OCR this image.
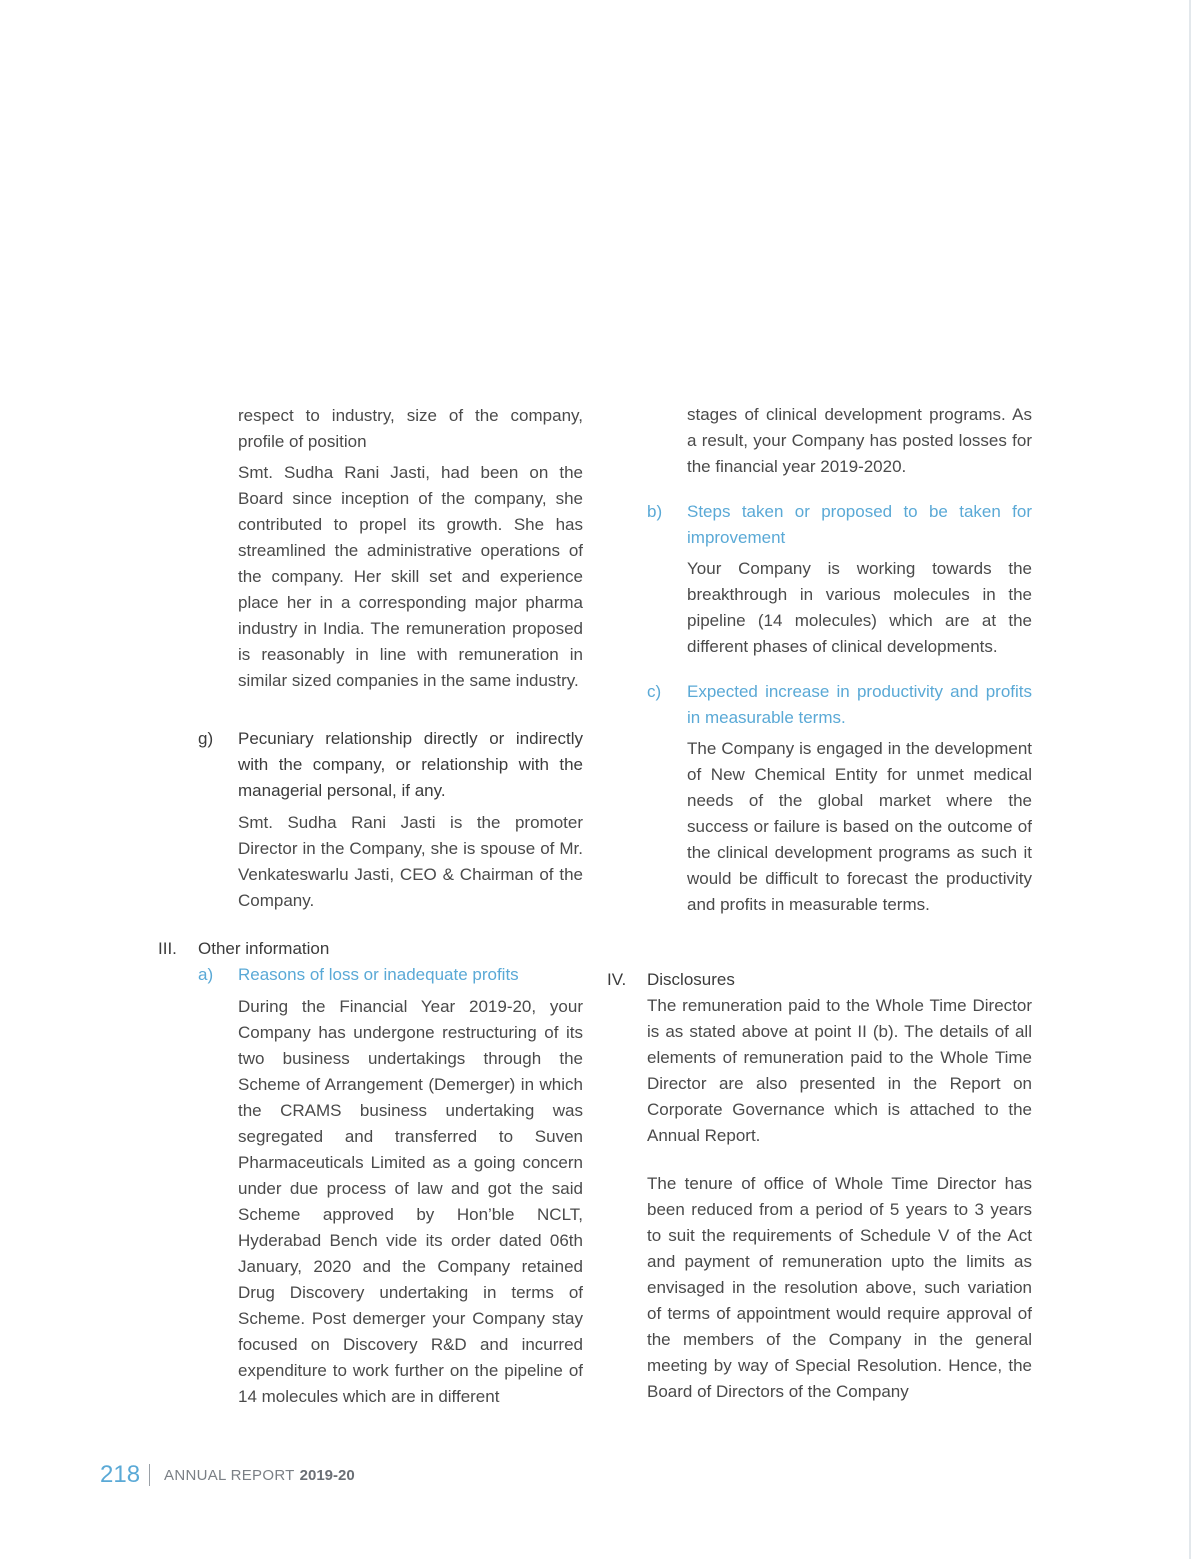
respect to industry, size of the company, profile of position

Smt. Sudha Rani Jasti, had been on the Board since inception of the company, she contributed to propel its growth. She has streamlined the administrative operations of the company. Her skill set and experience place her in a corresponding major pharma industry in India. The remuneration proposed is reasonably in line with remuneration in similar sized companies in the same industry.

g) Pecuniary relationship directly or indirectly with the company, or relationship with the managerial personal, if any.

Smt. Sudha Rani Jasti is the promoter Director in the Company, she is spouse of Mr. Venkateswarlu Jasti, CEO & Chairman of the Company.

III. Other information

a) Reasons of loss or inadequate profits

During the Financial Year 2019-20, your Company has undergone restructuring of its two business undertakings through the Scheme of Arrangement (Demerger) in which the CRAMS business undertaking was segregated and transferred to Suven Pharmaceuticals Limited as a going concern under due process of law and got the said Scheme approved by Hon’ble NCLT, Hyderabad Bench vide its order dated 06th January, 2020 and the Company retained Drug Discovery undertaking in terms of Scheme. Post demerger your Company stay focused on Discovery R&D and incurred expenditure to work further on the pipeline of 14 molecules which are in different

stages of clinical development programs. As a result, your Company has posted losses for the financial year 2019-2020.

b) Steps taken or proposed to be taken for improvement

Your Company is working towards the breakthrough in various molecules in the pipeline (14 molecules) which are at the different phases of clinical developments.

c) Expected increase in productivity and profits in measurable terms.

The Company is engaged in the development of New Chemical Entity for unmet medical needs of the global market where the success or failure is based on the outcome of the clinical development programs as such it would be difficult to forecast the productivity and profits in measurable terms.

IV. Disclosures

The remuneration paid to the Whole Time Director is as stated above at point II (b). The details of all elements of remuneration paid to the Whole Time Director are also presented in the Report on Corporate Governance which is attached to the Annual Report.

The tenure of office of Whole Time Director has been reduced from a period of 5 years to 3 years to suit the requirements of Schedule V of the Act and payment of remuneration upto the limits as envisaged in the resolution above, such variation of terms of appointment would require approval of the members of the Company in the general meeting by way of Special Resolution. Hence, the Board of Directors of the Company

218 ANNUAL REPORT 2019-20
